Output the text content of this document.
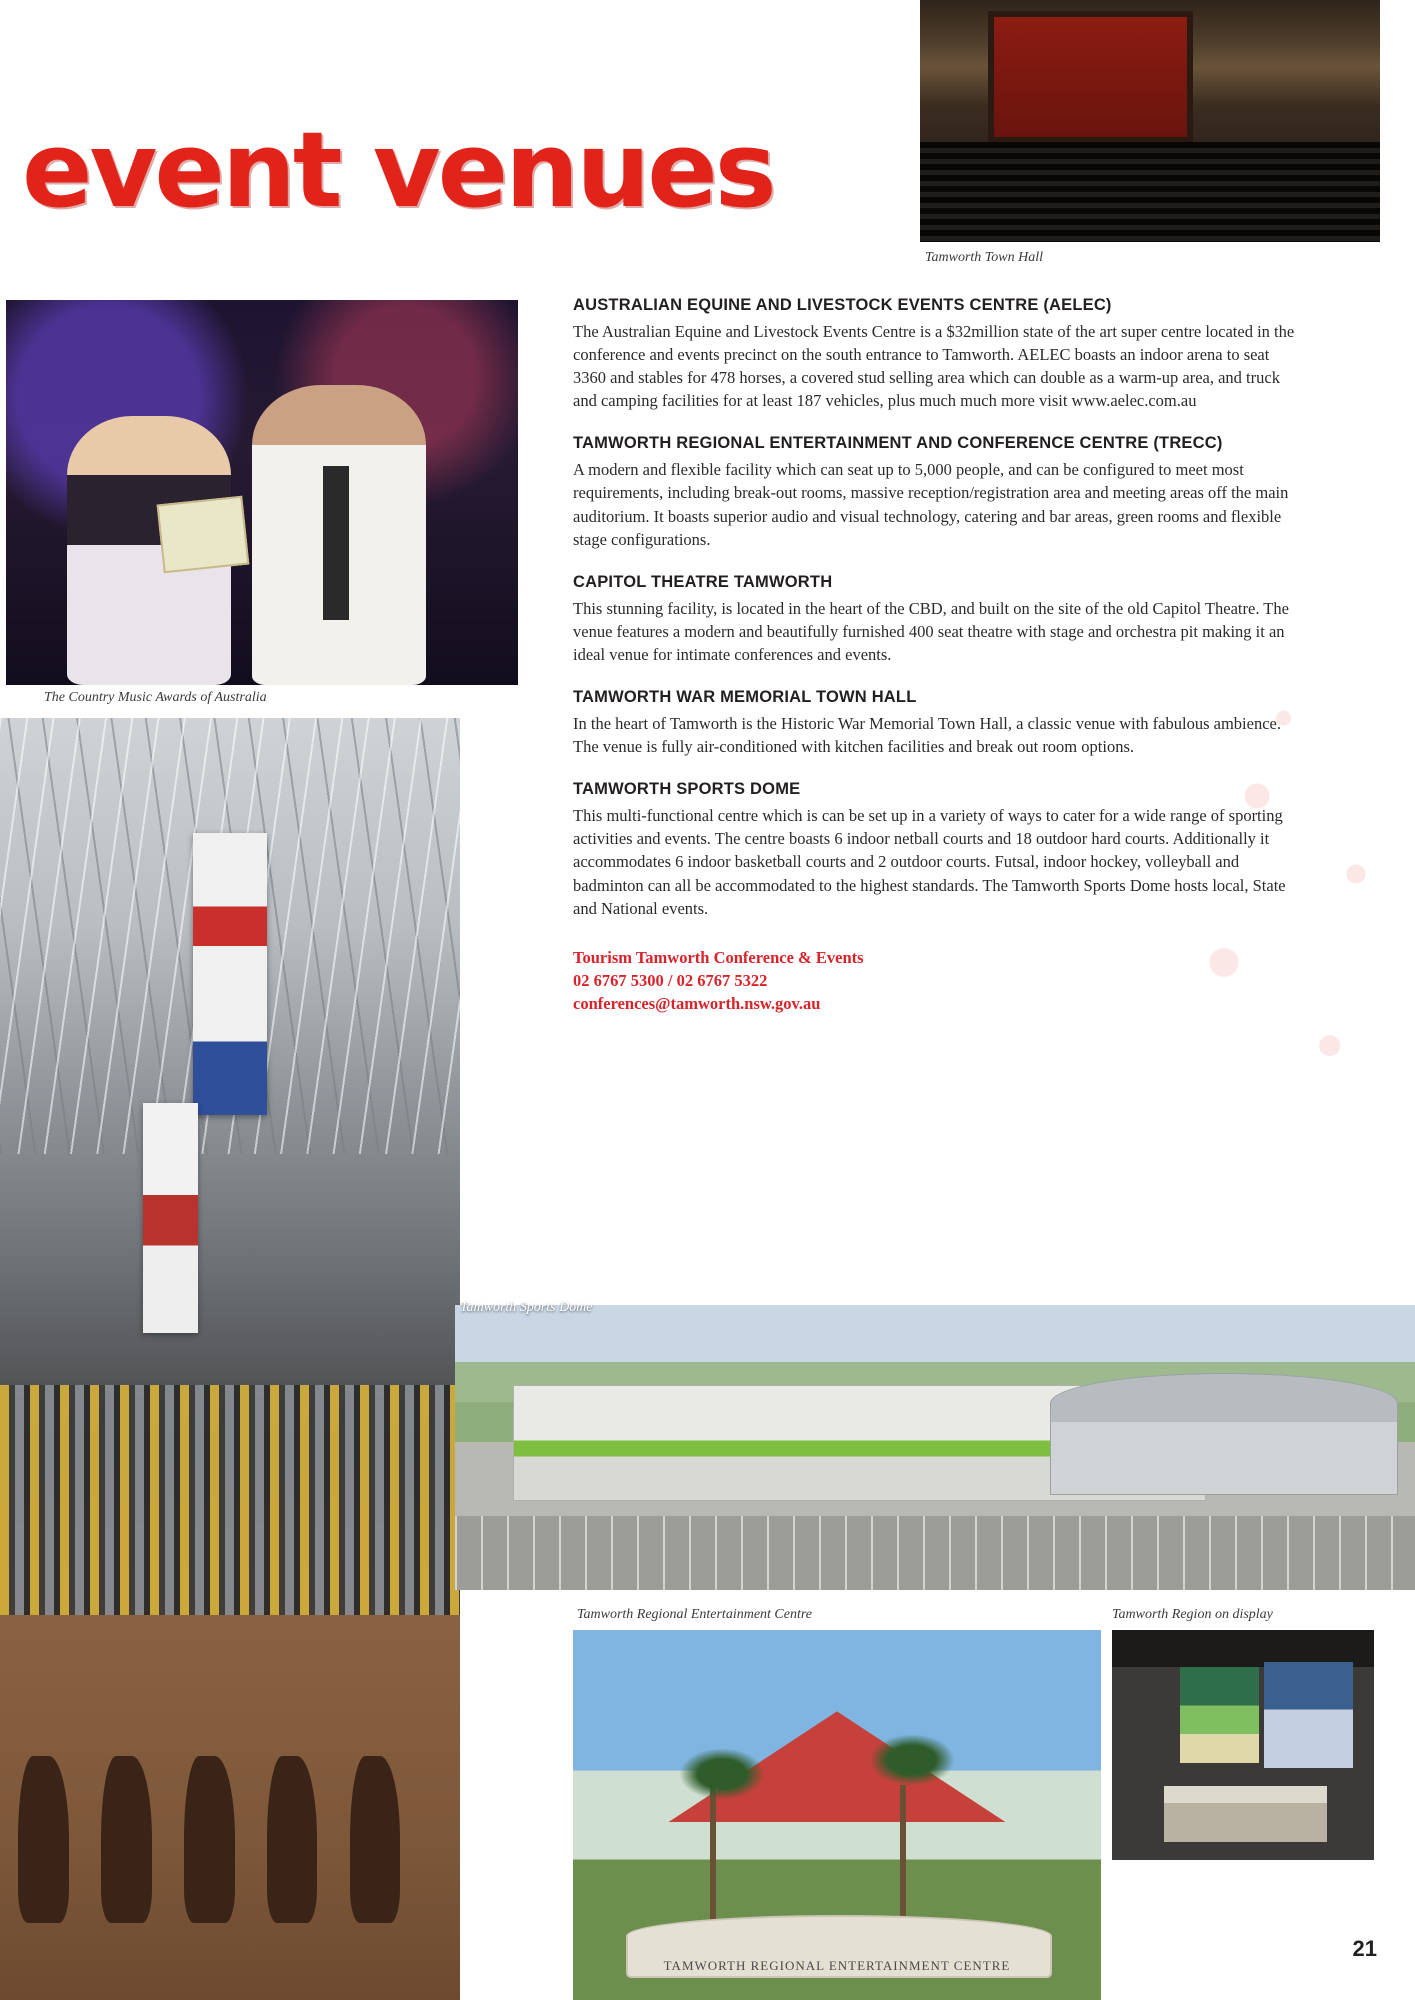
Tamworth Town Hall
event venues
The Country Music Awards of Australia
Tamworth Sports Dome
Tamworth Regional Entertainment Centre
TAMWORTH REGIONAL ENTERTAINMENT CENTRE
Tamworth Region on display
AUSTRALIAN EQUINE AND LIVESTOCK EVENTS CENTRE (AELEC)

The Australian Equine and Livestock Events Centre is a $32million state of the art super centre located in the conference and events precinct on the south entrance to Tamworth. AELEC boasts an indoor arena to seat 3360 and stables for 478 horses, a covered stud selling area which can double as a warm-up area, and truck and camping facilities for at least 187 vehicles, plus much much more visit www.aelec.com.au

TAMWORTH REGIONAL ENTERTAINMENT AND CONFERENCE CENTRE (TRECC)

A modern and flexible facility which can seat up to 5,000 people, and can be configured to meet most requirements, including break-out rooms, massive reception/registration area and meeting areas off the main auditorium. It boasts superior audio and visual technology, catering and bar areas, green rooms and flexible stage configurations.

CAPITOL THEATRE TAMWORTH

This stunning facility, is located in the heart of the CBD, and built on the site of the old Capitol Theatre. The venue features a modern and beautifully furnished 400 seat theatre with stage and orchestra pit making it an ideal venue for intimate conferences and events.

TAMWORTH WAR MEMORIAL TOWN HALL

In the heart of Tamworth is the Historic War Memorial Town Hall, a classic venue with fabulous ambience. The venue is fully air-conditioned with kitchen facilities and break out room options.

TAMWORTH SPORTS DOME

This multi-functional centre which is can be set up in a variety of ways to cater for a wide range of sporting activities and events. The centre boasts 6 indoor netball courts and 18 outdoor hard courts. Additionally it accommodates 6 indoor basketball courts and 2 outdoor courts. Futsal, indoor hockey, volleyball and badminton can all be accommodated to the highest standards. The Tamworth Sports Dome hosts local, State and National events.

Tourism Tamworth Conference & Events
02 6767 5300 / 02 6767 5322
conferences@tamworth.nsw.gov.au
21
